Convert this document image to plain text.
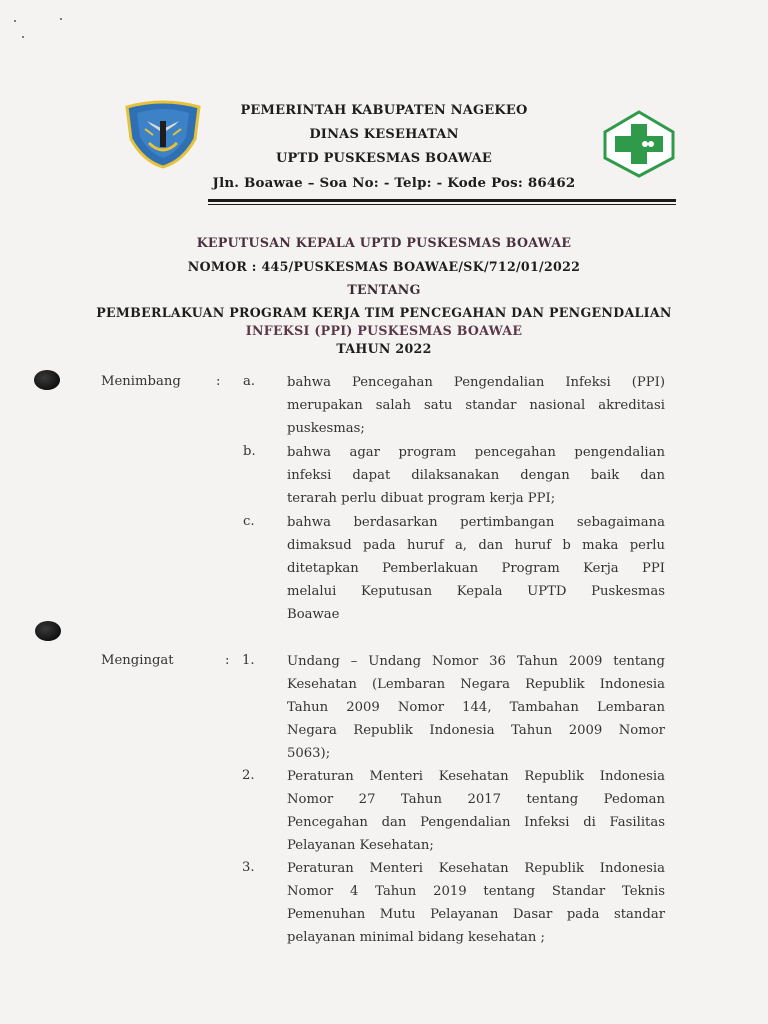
PEMERINTAH KABUPATEN NAGEKEO
DINAS KESEHATAN
UPTD PUSKESMAS BOAWAE
Jln. Boawae – Soa No: - Telp: - Kode Pos: 86462
KEPUTUSAN KEPALA UPTD PUSKESMAS BOAWAE
NOMOR : 445/PUSKESMAS BOAWAE/SK/712/01/2022
TENTANG
PEMBERLAKUAN PROGRAM KERJA TIM PENCEGAHAN DAN PENGENDALIAN
INFEKSI (PPI) PUSKESMAS BOAWAE
TAHUN 2022
Menimbang	: a. bahwa Pencegahan Pengendalian Infeksi (PPI)
merupakan salah satu standar nasional akreditasi
puskesmas;
b. bahwa agar program pencegahan pengendalian
infeksi dapat dilaksanakan dengan baik dan
terarah perlu dibuat program kerja PPI;
c. bahwa berdasarkan pertimbangan sebagaimana
dimaksud pada huruf a, dan huruf b maka perlu
ditetapkan Pemberlakuan Program Kerja PPI
melalui Keputusan Kepala UPTD Puskesmas
Boawae
Mengingat	: 1. Undang – Undang Nomor 36 Tahun 2009 tentang
Kesehatan (Lembaran Negara Republik Indonesia
Tahun 2009 Nomor 144, Tambahan Lembaran
Negara Republik Indonesia Tahun 2009 Nomor
5063);
2. Peraturan Menteri Kesehatan Republik Indonesia
Nomor 27 Tahun 2017 tentang Pedoman
Pencegahan dan Pengendalian Infeksi di Fasilitas
Pelayanan Kesehatan;
3. Peraturan Menteri Kesehatan Republik Indonesia
Nomor 4 Tahun 2019 tentang Standar Teknis
Pemenuhan Mutu Pelayanan Dasar pada standar
pelayanan minimal bidang kesehatan ;
